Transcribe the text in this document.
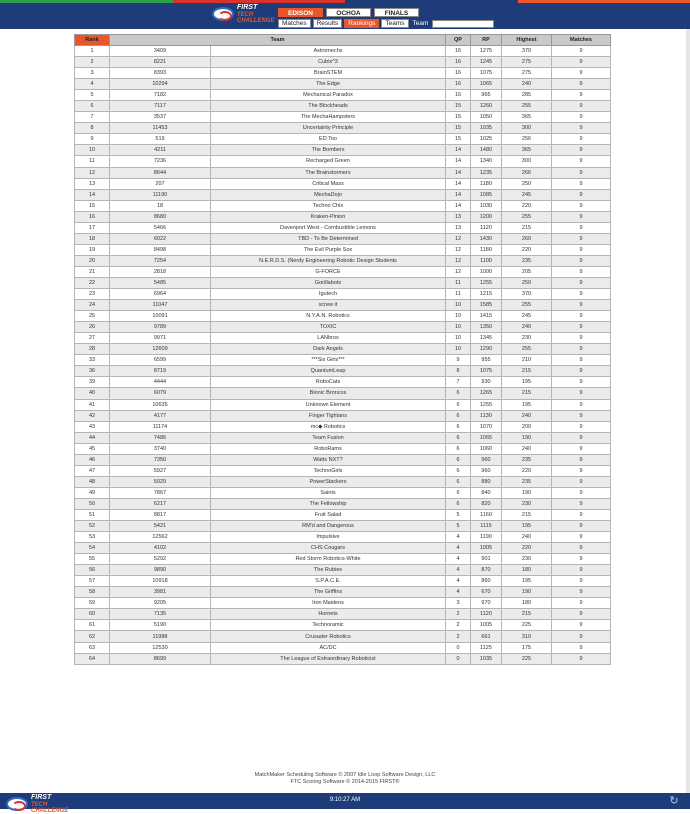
FIRST
TECH
CHALLENGE
EDISON	OCHOA	FINALS
Matches	Results	Rankings	Teams	Team
Rank	Team		QP	RP	Highest	Matches
1	3409	Astromechs	16	1275	370	9
2	8221	Cubix^3	16	1245	275	9
3	8393	BrainSTEM	16	1075	275	9
4	10294	The Edge	16	1065	240	9
5	7182	Mechanical Paradox	16	965	285	9
6	7117	The Blockheads	15	1260	255	9
7	3537	The MechaHampsters	15	1050	365	9
8	11453	Uncertainty Principle	15	1035	300	9
9	519	ED Too	15	1025	256	9
10	4211	The Bombers	14	1480	365	9
11	7236	Recharged Green	14	1340	300	9
12	8644	The Brainstormers	14	1235	266	9
13	207	Critical Mass	14	1180	250	9
14	11190	MechaDojo	14	1085	245	9
15	18	Techno Chix	14	1030	220	9
16	8680	Kraken-Pinion	13	1200	255	9
17	5466	Davenport West - Combustible Lemons	13	1120	215	9
18	6022	TBD - To Be Determined	12	1430	260	9
19	8498	The Evil Purple Sox	12	1180	220	9
20	7254	N.E.R.D.S. (Nerdy Engineering Robotic Design Students	12	1100	235	9
21	2818	G-FORCE	12	1000	205	9
22	5485	Gorillabots	11	1255	250	9
23	6964	Igutech	11	1215	370	9
24	11047	screw it	10	1585	255	9
25	10091	N.Y.A.N. Robotics	10	1415	245	9
26	9789	TOXIC	10	1350	240	9
27	9971	LANbros	10	1345	230	9
28	12609	Dark Angels	10	1290	255	9
33	6599	***Six Girls***	9	955	210	9
36	8719	QuantumLeap	8	1075	215	9
39	4444	RoboCats	7	930	195	9
40	6079	Bionic Broncos	6	1265	215	9
41	10635	Unknown Element	6	1255	195	9
42	4177	Finger Tightans	6	1130	240	9
43	11174	mc◆ Robotics	6	1070	200	9
44	7486	Team Fusion	6	1065	190	9
45	3740	RoboRams	6	1060	240	9
46	7350	Watts NXT?	6	960	235	9
47	5927	TechnoGirls	6	960	220	9
48	5029	PowerStackers	6	880	235	9
49	7867	Saints	6	840	190	9
50	6217	The Fellowship	6	820	230	9
51	8817	Fruit Salad	5	1160	215	9
52	5421	RM'd and Dangerous	5	1115	195	9
53	12562	Impulsive	4	1190	240	9
54	4102	CHS Cougars	4	1005	220	9
55	5292	Red Storm Robotics-White	4	901	230	9
56	9890	The Rubies	4	870	180	9
57	10918	S.P.A.C.E.	4	860	195	9
58	3981	The Griffins	4	670	190	9
59	9205	Iron Maidens	3	970	180	9
60	7135	Hornets	2	1120	215	9
61	5190	Technoramic	2	1005	225	9
62	11988	Crusader Robotics	2	661	310	9
63	12530	AC/DC	0	1125	175	9
64	8699	The League of Extraordinary Roboticist	0	1035	225	9
MatchMaker Scheduling Software © 2007 Idle Loop Software Design, LLC
FTC Scoring Software © 2014-2015 FIRST®
FIRST
TECH
CHALLENGE
9:10:27 AM	↻
